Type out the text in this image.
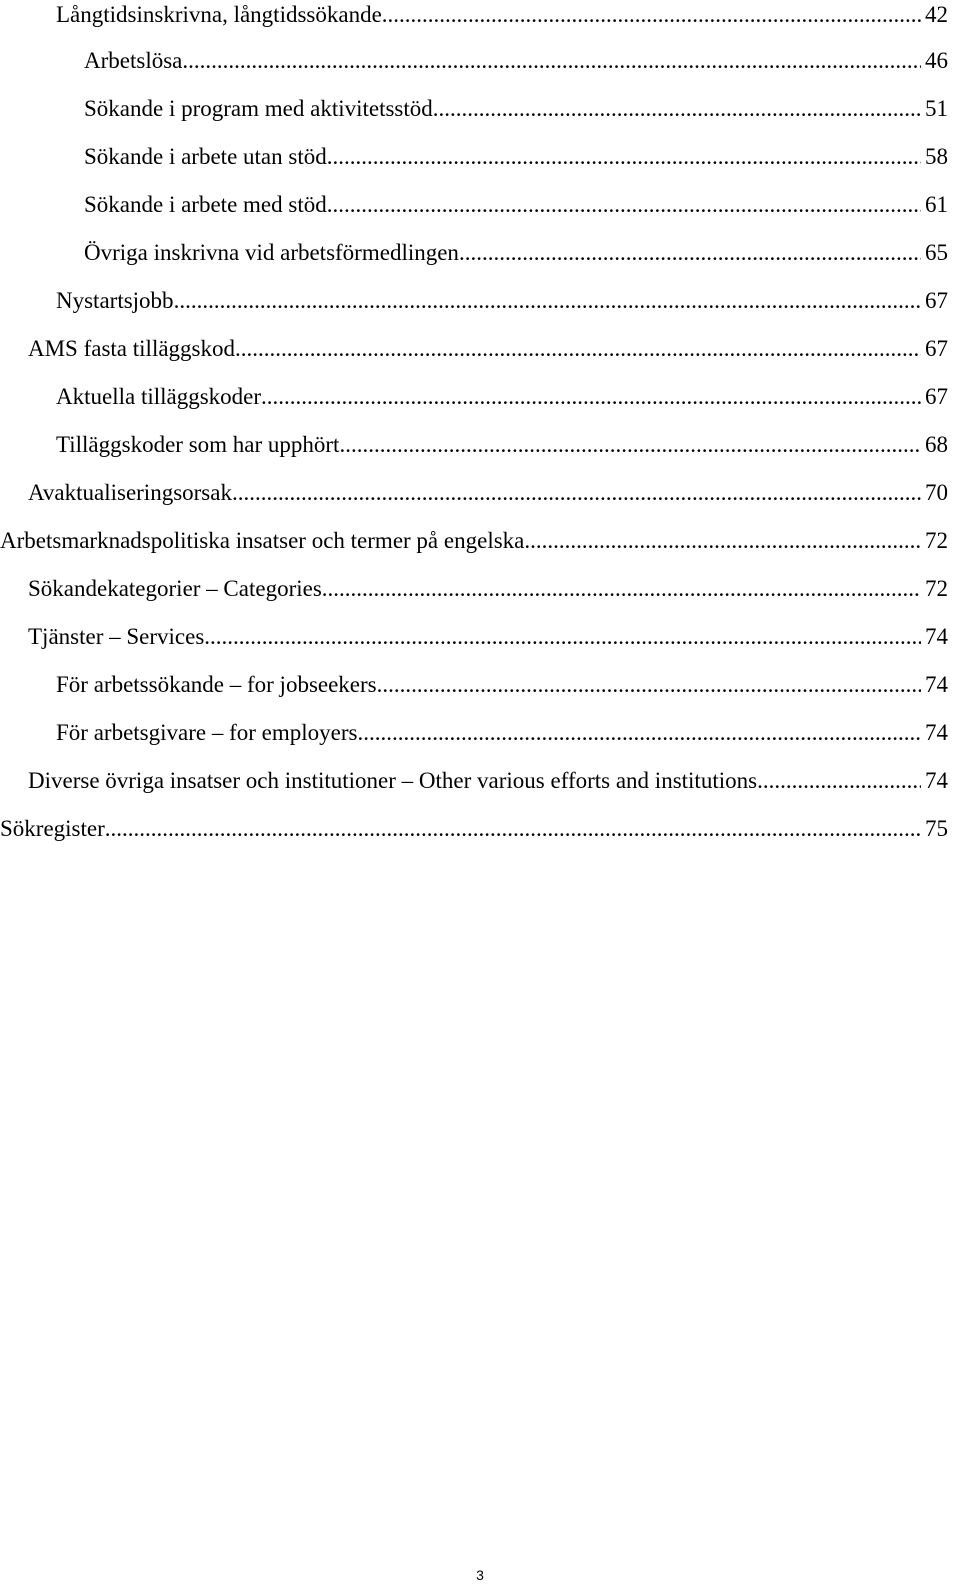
Långtidsinskrivna, långtidssökande .....	42
Arbetslösa .....	46
Sökande i program med aktivitetsstöd .....	51
Sökande i arbete utan stöd .....	58
Sökande i arbete med stöd .....	61
Övriga inskrivna vid arbetsförmedlingen .....	65
Nystartsjobb .....	67
AMS fasta tilläggskod .....	67
Aktuella tilläggskoder .....	67
Tilläggskoder som har upphört .....	68
Avaktualiseringsorsak .....	70
Arbetsmarknadspolitiska insatser och termer på engelska .....	72
Sökandekategorier – Categories .....	72
Tjänster – Services .....	74
För arbetssökande – for jobseekers .....	74
För arbetsgivare – for employers .....	74
Diverse övriga insatser och institutioner – Other various efforts and institutions .....	74
Sökregister .....	75
3
